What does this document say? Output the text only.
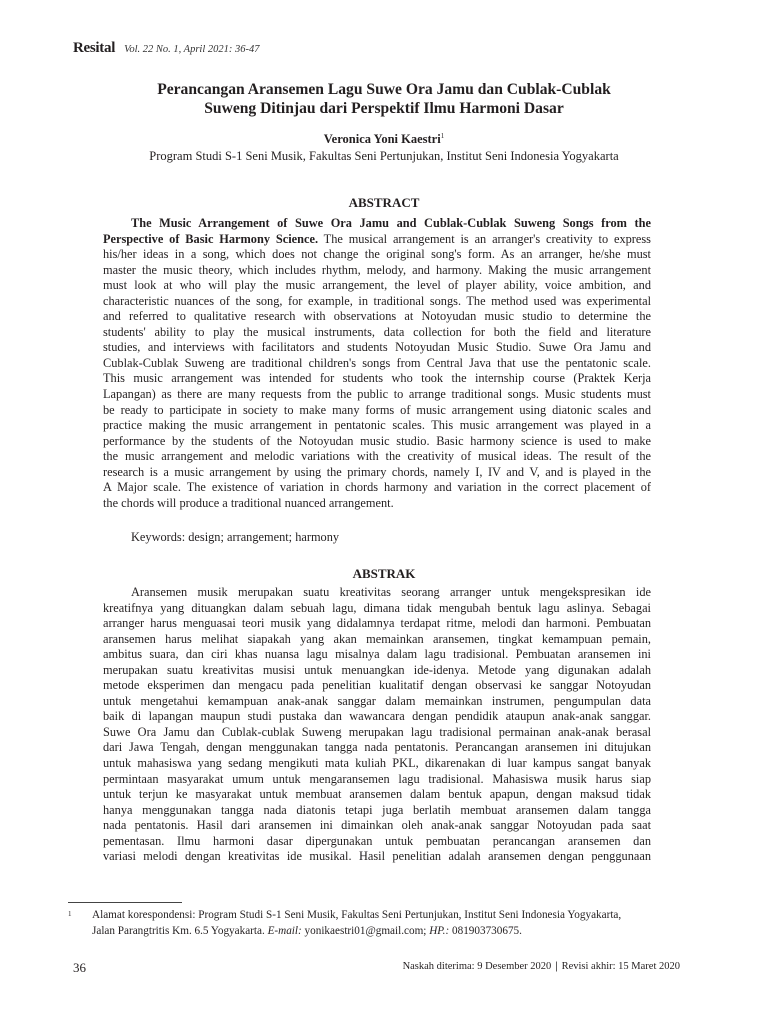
Resital Vol. 22 No. 1, April 2021: 36-47
Perancangan Aransemen Lagu Suwe Ora Jamu dan Cublak-Cublak
Suweng Ditinjau dari Perspektif Ilmu Harmoni Dasar
Veronica Yoni Kaestri$^1$
Program Studi S-1 Seni Musik, Fakultas Seni Pertunjukan, Institut Seni Indonesia Yogyakarta
ABSTRACT
The Music Arrangement of Suwe Ora Jamu and Cublak-Cublak Suweng Songs from the
Perspective of Basic Harmony Science. The musical arrangement is an arranger's creativity to express
his/her ideas in a song, which does not change the original song's form. As an arranger, he/she must
master the music theory, which includes rhythm, melody, and harmony. Making the music arrangement
must look at who will play the music arrangement, the level of player ability, voice ambition, and
characteristic nuances of the song, for example, in traditional songs. The method used was experimental
and referred to qualitative research with observations at Notoyudan music studio to determine the
students' ability to play the musical instruments, data collection for both the field and literature
studies, and interviews with facilitators and students Notoyudan Music Studio. Suwe Ora Jamu and
Cublak-Cublak Suweng are traditional children's songs from Central Java that use the pentatonic scale.
This music arrangement was intended for students who took the internship course (Praktek Kerja
Lapangan) as there are many requests from the public to arrange traditional songs. Music students must
be ready to participate in society to make many forms of music arrangement using diatonic scales and
practice making the music arrangement in pentatonic scales. This music arrangement was played in a
performance by the students of the Notoyudan music studio. Basic harmony science is used to make
the music arrangement and melodic variations with the creativity of musical ideas. The result of the
research is a music arrangement by using the primary chords, namely I, IV and V, and is played in the
A Major scale. The existence of variation in chords harmony and variation in the correct placement of
the chords will produce a traditional nuanced arrangement.
Keywords: design; arrangement; harmony
ABSTRAK
Aransemen musik merupakan suatu kreativitas seorang arranger untuk mengekspresikan ide
kreatifnya yang dituangkan dalam sebuah lagu, dimana tidak mengubah bentuk lagu aslinya. Sebagai
arranger harus menguasai teori musik yang didalamnya terdapat ritme, melodi dan harmoni. Pembuatan
aransemen harus melihat siapakah yang akan memainkan aransemen, tingkat kemampuan pemain,
ambitus suara, dan ciri khas nuansa lagu misalnya dalam lagu tradisional. Pembuatan aransemen ini
merupakan suatu kreativitas musisi untuk menuangkan ide-idenya. Metode yang digunakan adalah
metode eksperimen dan mengacu pada penelitian kualitatif dengan observasi ke sanggar Notoyudan
untuk mengetahui kemampuan anak-anak sanggar dalam memainkan instrumen, pengumpulan data
baik di lapangan maupun studi pustaka dan wawancara dengan pendidik ataupun anak-anak sanggar.
Suwe Ora Jamu dan Cublak-cublak Suweng merupakan lagu tradisional permainan anak-anak berasal
dari Jawa Tengah, dengan menggunakan tangga nada pentatonis. Perancangan aransemen ini ditujukan
untuk mahasiswa yang sedang mengikuti mata kuliah PKL, dikarenakan di luar kampus sangat banyak
permintaan masyarakat umum untuk mengaransemen lagu tradisional. Mahasiswa musik harus siap
untuk terjun ke masyarakat untuk membuat aransemen dalam bentuk apapun, dengan maksud tidak
hanya menggunakan tangga nada diatonis tetapi juga berlatih membuat aransemen dalam tangga
nada pentatonis. Hasil dari aransemen ini dimainkan oleh anak-anak sanggar Notoyudan pada saat
pementasan. Ilmu harmoni dasar dipergunakan untuk pembuatan perancangan aransemen dan
variasi melodi dengan kreativitas ide musikal. Hasil penelitian adalah aransemen dengan penggunaan
1	Alamat korespondensi: Program Studi S-1 Seni Musik, Fakultas Seni Pertunjukan, Institut Seni Indonesia Yogyakarta,
Jalan Parangtritis Km. 6.5 Yogyakarta. E-mail: yonikaestri01@gmail.com; HP.: 081903730675.
36	Naskah diterima: 9 Desember 2020 | Revisi akhir: 15 Maret 2020
